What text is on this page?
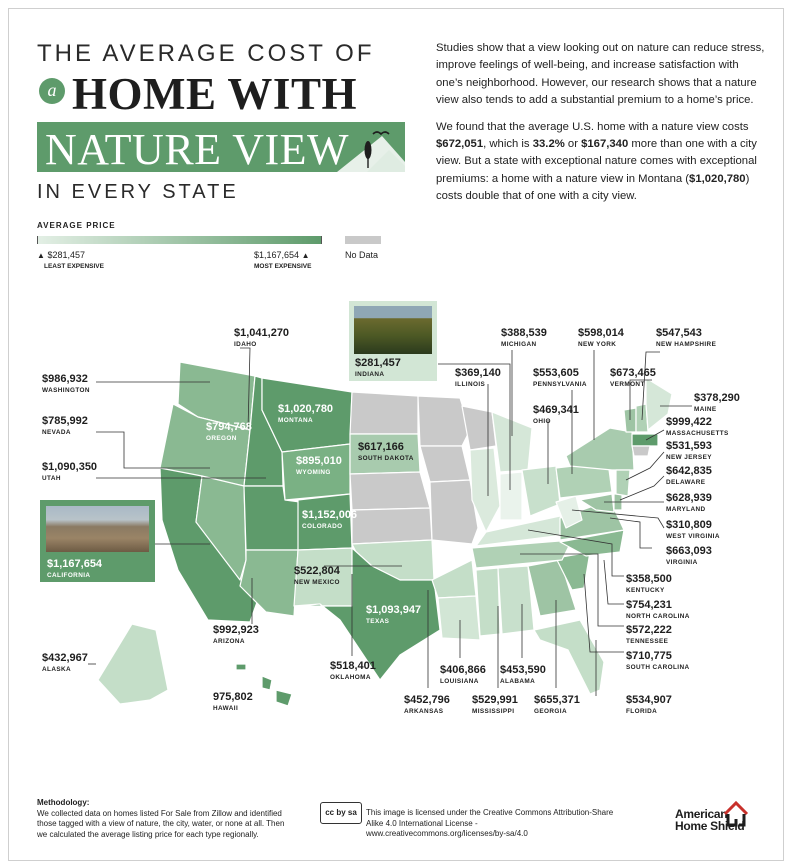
THE AVERAGE COST OF
a HOME WITH
NATURE VIEW
IN EVERY STATE

Studies show that a view looking out on nature can reduce stress, improve feelings of well-being, and increase satisfaction with one’s neighborhood. However, our research shows that a nature view also tends to add a substantial premium to a home’s price.

We found that the average U.S. home with a nature view costs $672,051, which is 33.2% or $167,340 more than one with a city view. But a state with exceptional nature comes with exceptional premiums: a home with a nature view in Montana ($1,020,780) costs double that of one with a city view.

AVERAGE PRICE
▲ $281,457	$1,167,654 ▲
LEAST EXPENSIVE	MOST EXPENSIVE
No Data
$986,932
WASHINGTON
$794,768
OREGON
$1,041,270
IDAHO
$1,020,780
MONTANA
$785,992
NEVADA
$1,090,350
UTAH
$895,010
WYOMING
$1,152,006
COLORADO
$617,166
SOUTH DAKOTA
$1,167,654
CALIFORNIA	$522,804
NEW MEXICO
$992,923
ARIZONA
$1,093,947
TEXAS
$518,401
OKLAHOMA
$432,967
ALASKA
975,802
HAWAII
$281,457
INDIANA	$369,140
ILLINOIS
$388,539
MICHIGAN
$469,341
OHIO
$553,605
PENNSYLVANIA
$598,014
NEW YORK
$547,543
NEW HAMPSHIRE
$673,465
VERMONT
$378,290
MAINE
$999,422
MASSACHUSETTS
$531,593
NEW JERSEY
$642,835
DELAWARE
$628,939
MARYLAND
$310,809
WEST VIRGINIA
$663,093
VIRGINIA
$358,500
KENTUCKY
$754,231
NORTH CAROLINA
$572,222
TENNESSEE
$710,775
SOUTH CAROLINA
$534,907
FLORIDA
$655,371
GEORGIA
$529,991
MISSISSIPPI
$453,590
ALABAMA
$406,866
LOUISIANA
$452,796
ARKANSAS
Methodology:
We collected data on homes listed For Sale from Zillow and identified those tagged with a view of nature, the city, water, or none at all. Then we calculated the average listing price for each type regionally.
cc by sa	This image is licensed under the Creative Commons Attribution-Share Alike 4.0 International License - www.creativecommons.org/licenses/by-sa/4.0
American
Home Shield
